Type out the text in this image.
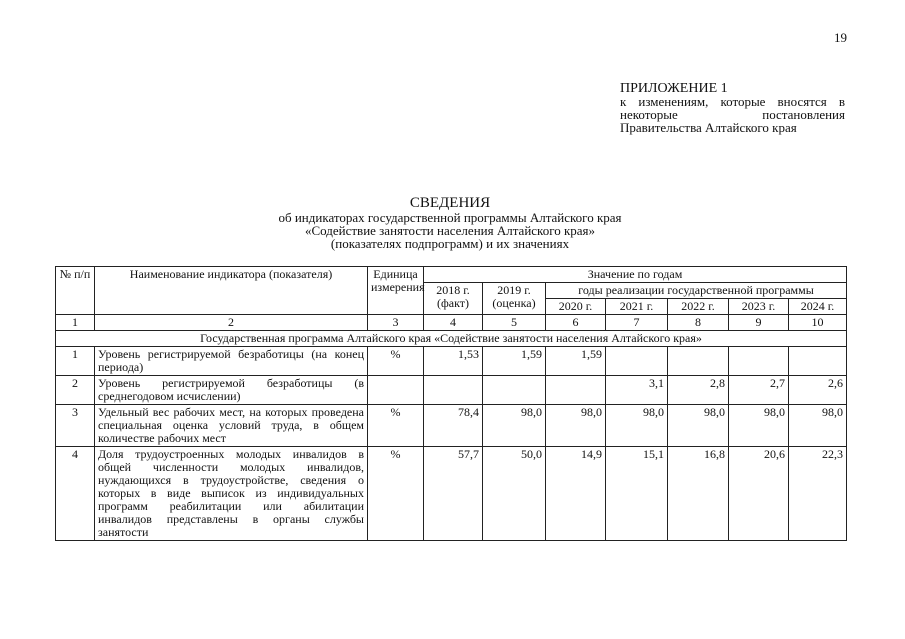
19
ПРИЛОЖЕНИЕ 1
к изменениям, которые вносятся в некоторые постановления Правительства Алтайского края
СВЕДЕНИЯ
об индикаторах государственной программы Алтайского края
«Содействие занятости населения Алтайского края»
(показателях подпрограмм) и их значениях
№ п/п	Наименование индикатора (показателя)	Единица измерения	Значение по годам						
			2018 г. (факт)	2019 г. (оценка)	годы реализации государственной программы				
					2020 г.	2021 г.	2022 г.	2023 г.	2024 г.
1	2	3	4	5	6	7	8	9	10
Государственная программа Алтайского края «Содействие занятости населения Алтайского края»									
1	Уровень регистрируемой безработицы (на конец периода)	%	1,53	1,59	1,59				
2	Уровень регистрируемой безработицы (в среднегодовом исчислении)					3,1	2,8	2,7	2,6
3	Удельный вес рабочих мест, на которых проведена специальная оценка условий труда, в общем количестве рабочих мест	%	78,4	98,0	98,0	98,0	98,0	98,0	98,0
4	Доля трудоустроенных молодых инвалидов в общей численности молодых инвалидов, нуждающихся в трудоустройстве, сведения о которых в виде выписок из индивидуальных программ реабилитации или абилитации инвалидов представлены в органы службы занятости	%	57,7	50,0	14,9	15,1	16,8	20,6	22,3
